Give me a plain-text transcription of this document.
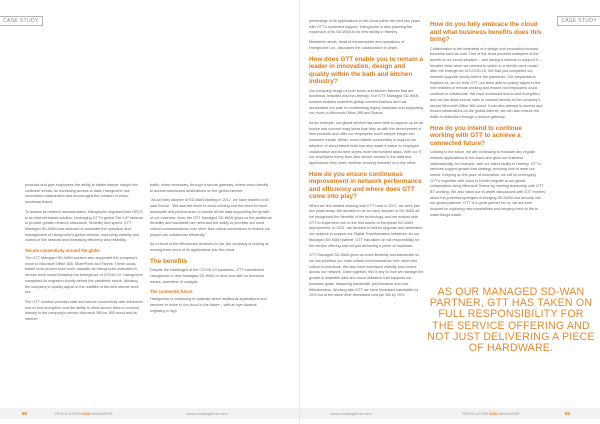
CASE STUDY	CASE STUDY

products and give employees the ability to obtain deeper insight into customer trends, its increasing access to data, Hamgroche has successful collaboration and encouraged the creation of cross-functional teams.

To assess its network transformation, Hamgroche migrated from MPLS to an internet-based solution, leveraging GTT's global Tier 1 IP network to provide greater network assurance, flexibility and speed. GTT Managed SD-WAN was selected to automate the operation and management of Hamgroche's global network, improving visibility and control of the network and increasing efficiency and reliability.

Secure connectivity around the globe

The GTT Managed SD-WAN solution also supported the company's move to Microsoft Office 365, SharePoint and Teams. These cloud-based tools proved even more valuable as Hamgroche mandated a remote work model following the emergence of COVID-19. Hamgroche completed its migration shortly before the pandemic struck, allowing the company to quickly adjust to the realities of the new remote work era.

The GTT solution provides safe and secure connectivity with enhanced end-to-end encryption and the ability to allow secure sites to connect directly to the company's secure Microsoft 365 for 365 cloud and its internet

traffic, when necessary, through a secure gateway, where users identify to access sanctioned destinations on the global internet.

"As an early adopter of SD-WAN starting in 2017, we have learned a lot," said Scholz. "We saw the move to cloud coming and the need for more bandwidth and performance to handle all the data supporting the growth of our business. Now, the GTT Managed SD-WAN gives us the additional flexibility and bandwidth we need and the ability to prioritise our most critical communications over other less critical connections to ensure our people can collaborate efficiently."

As a result of the efficiencies achieved so far, the company is looking at moving even more of its applications into the cloud.

The benefits

Despite the challenges of the COVID-19 pandemic, GTT transitioned Hamgroche to new Managed SD-WAN on time and with no technical issues, downtime or outages.

The connected future

Hamgroche is continuing to evaluate which additional applications and services to move to the cloud in the future – with an eye towards migrating a high

percentage of its applications to the cloud within the next two years with GTT's continued support. Hamgroche is also planning the expansion of its SD-WAN to its new facility in Hamley.

Meantime needs, head of infrastructure and operations of Hamgroche Ltd., discusses the collaboration in depth.

How does GTT enable you to remain a leader in innovation, design and quality within the bath and kitchen industry?

Our company design is both iconic and kitchen fixtures that are functional, beautiful and eco-friendly. Our GTT Managed SD-WAN solution enables seamless global communications and has accelerated our path to modernising legacy hardware and supporting our move to Microsoft Office 365 and Teams.

As an example, our global service has been able to support us as we evolve and connect easy ideas that help us with the development of new products and offer our employees much deeper insight into customer trends. Better, more reliable connectivity to support our adoption of cloud-based tools has also made it easier to employee collaboration across time zones more harmonised tasks. With our IT, our employees every from also secure access to the data and applications they need, whether working remotely or in the office.

How do you ensure continuous improvement in network performance and efficiency and where does GTT come into play?

When we first started working with GTT back in 2017, we were just two years away. We decided to be an early adopter of SD-WAN as we recognised the benefits of the technology, and we worked with GTT to implement one of the first waves of European SD-WAN deployments. In 2021, we decided to further upgrade and streamline our network to support our Digital Transformation initiatives. As our Managed SD-WAN partner, GTT has taken on full responsibility for the service offering and not just delivering a piece of hardware.

GTT Managed SD-WAN gives us extra flexibility and bandwidth so we can prioritise our most critical communications over other less critical connections. We also have increased visibility and control across our network. Used together, this is key to how we manage the growth in available data and cloud utilisation that supports our business goals, balancing bandwidth, performance and cost effectiveness. Working with GTT we have increased bandwidth by 10% but at the same time decreased cost per Mb by 70%.

How do you fully embrace the cloud and what business benefits does this bring?

Collaboration is the heartbeat of a design and innovation-focused business such as ours. One of the most powerful examples of the benefit of our cloud adoption – and having a network to support it – became clear when we needed to switch to a remote work model after the emergence of COVID-19. We had just completed our network upgrade shortly before the pandemic. Our preparations enabled us, as our trust GTT, our team able to quickly adjust to the new realities of remote working and ensure our employees could continue to collaborate. We have enhanced end-to-end encryption and we can allow secure sites to connect directly to the company's secure Microsoft Office 365 cloud. It can also attempt to access and trusted destinations on the global internet, we can also ensure the traffic is redirected through a secure gateway.

How do you intend to continue working with GTT to achieve a connected future?

Looking to the future, we are continuing to evaluate any regular network applications to the cloud and grow our business internationally, for example, with our latest facility in Hamley. GTT's services support growth that strategy, evolving how to meet our needs. Keeping up the pace of innovation, we will be leveraging GTT's expertise with cloud to further migrate to our global collaboration using Microsoft Teams by meeting leadership with GTT BT working. We also value our in-depth discussions with GTT experts about the potential synergies of bringing SD-WAN and security into our global platform. GTT is a great partner for us, we are both focused on exploring new possibilities and bringing them to life to make things easier.

AS OUR MANAGED SD-WAN PARTNER, GTT HAS TAKEN ON FULL RESPONSIBILITY FOR THE SERVICE OFFERING AND NOT JUST DELIVERING A PIECE OF HARDWARE.
80	RESOLUTION CXO MAGAZINE	www.cxoinsightme.com	www.cxoinsightme.com	RESOLUTION CXO MAGAZINE	81
